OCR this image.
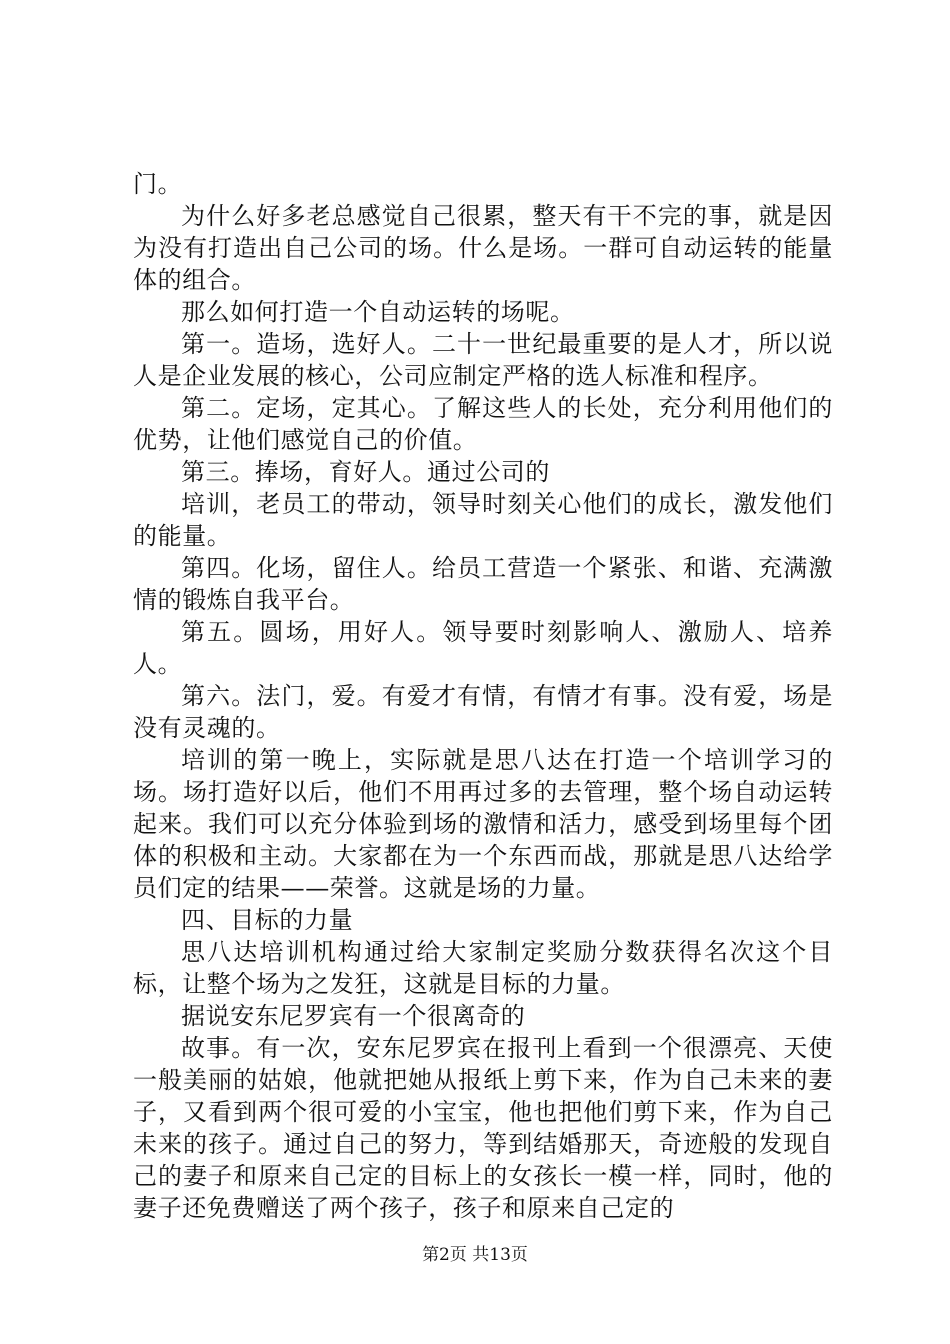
门。

为什么好多老总感觉自己很累，整天有干不完的事，就是因为没有打造出自己公司的场。什么是场。一群可自动运转的能量体的组合。

那么如何打造一个自动运转的场呢。

第一。造场，选好人。二十一世纪最重要的是人才，所以说人是企业发展的核心，公司应制定严格的选人标准和程序。

第二。定场，定其心。了解这些人的长处，充分利用他们的优势，让他们感觉自己的价值。

第三。捧场，育好人。通过公司的

培训，老员工的带动，领导时刻关心他们的成长，激发他们的能量。

第四。化场，留住人。给员工营造一个紧张、和谐、充满激情的锻炼自我平台。

第五。圆场，用好人。领导要时刻影响人、激励人、培养人。

第六。法门，爱。有爱才有情，有情才有事。没有爱，场是没有灵魂的。

培训的第一晚上，实际就是思八达在打造一个培训学习的场。场打造好以后，他们不用再过多的去管理，整个场自动运转起来。我们可以充分体验到场的激情和活力，感受到场里每个团体的积极和主动。大家都在为一个东西而战，那就是思八达给学员们定的结果——荣誉。这就是场的力量。

四、目标的力量

思八达培训机构通过给大家制定奖励分数获得名次这个目标，让整个场为之发狂，这就是目标的力量。

据说安东尼罗宾有一个很离奇的

故事。有一次，安东尼罗宾在报刊上看到一个很漂亮、天使一般美丽的姑娘，他就把她从报纸上剪下来，作为自己未来的妻子，又看到两个很可爱的小宝宝，他也把他们剪下来，作为自己未来的孩子。通过自己的努力，等到结婚那天，奇迹般的发现自己的妻子和原来自己定的目标上的女孩长一模一样，同时，他的妻子还免费赠送了两个孩子，孩子和原来自己定的

第2页 共13页
